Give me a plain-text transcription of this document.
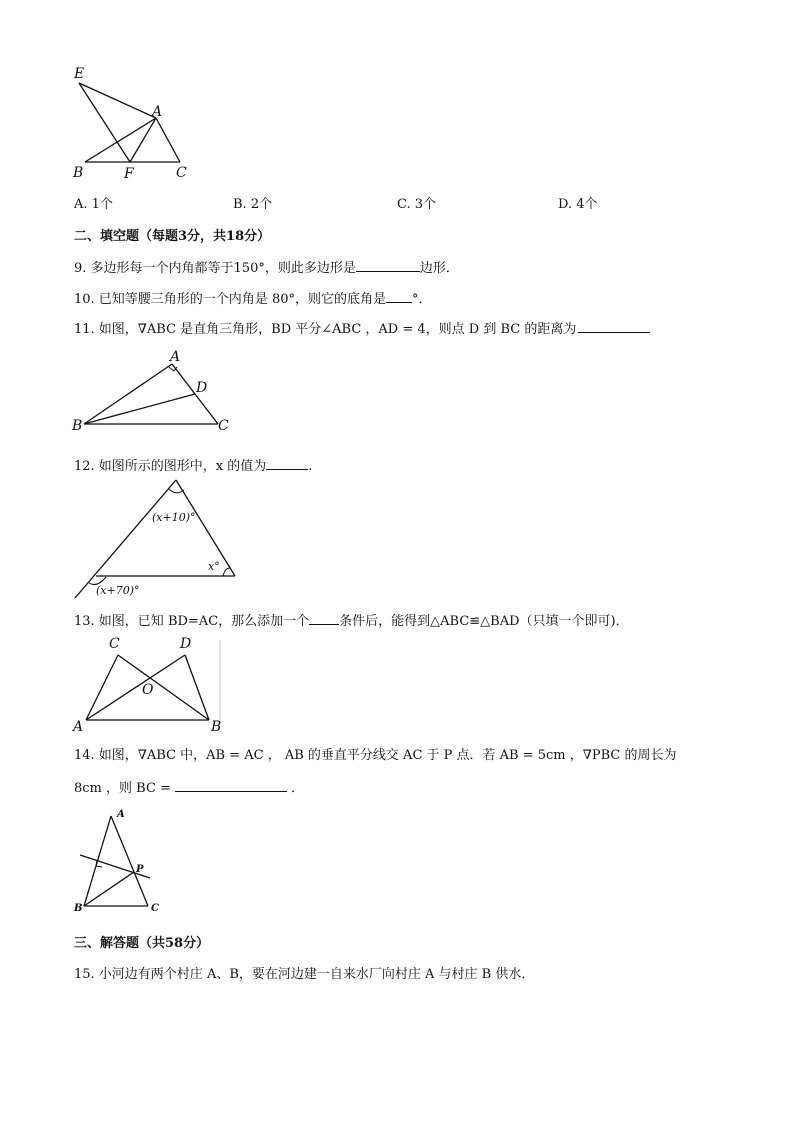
E
A
B	F	C
A. 1个	B. 2个	C. 3个	D. 4个
二、填空题（每题3分，共18分）
9. 多边形每一个内角都等于150°，则此多边形是	边形．
10. 已知等腰三角形的一个内角是 80°，则它的底角是 °．
11. 如图，∇ABC 是直角三角形，BD 平分∠ABC ，AD = 4，则点 D 到 BC 的距离为
A
D
B	C
12. 如图所示的图形中，x 的值为	.
(x+10)°
x°
(x+70)°
13. 如图，已知 BD=AC，那么添加一个 条件后，能得到△ABC≌△BAD（只填一个即可)．
C	D
O
A	B
14. 如图，∇ABC 中，AB = AC ， AB 的垂直平分线交 AC 于 P 点．若 AB = 5cm ，∇PBC 的周长为
8cm ，则 BC =	．
A
P
B	C
三、解答题（共58分）
15. 小河边有两个村庄 A、B，要在河边建一自来水厂向村庄 A 与村庄 B 供水．
